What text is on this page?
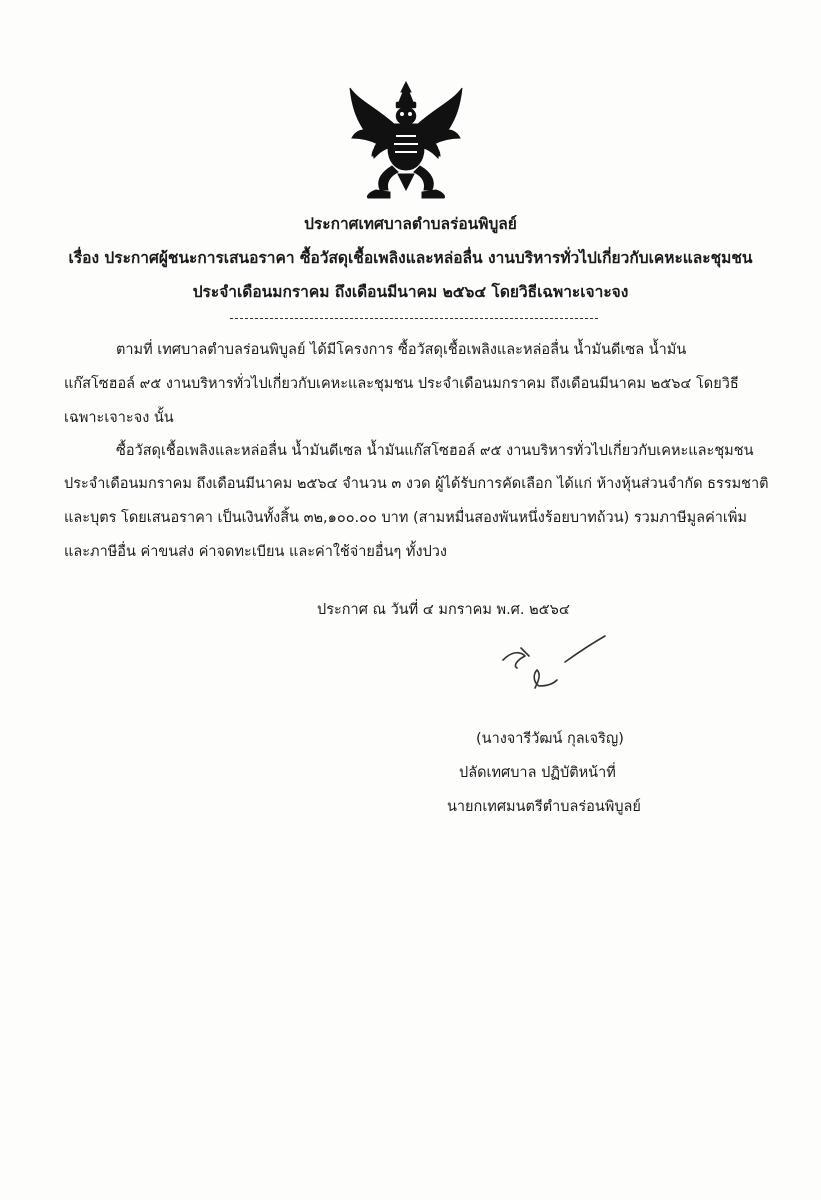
ประกาศเทศบาลตำบลร่อนพิบูลย์
เรื่อง ประกาศผู้ชนะการเสนอราคา ซื้อวัสดุเชื้อเพลิงและหล่อลื่น งานบริหารทั่วไปเกี่ยวกับเคหะและชุมชน
ประจำเดือนมกราคม ถึงเดือนมีนาคม ๒๕๖๔ โดยวิธีเฉพาะเจาะจง
ตามที่ เทศบาลตำบลร่อนพิบูลย์ ได้มีโครงการ ซื้อวัสดุเชื้อเพลิงและหล่อลื่น น้ำมันดีเซล น้ำมัน
แก๊สโซฮอล์ ๙๕ งานบริหารทั่วไปเกี่ยวกับเคหะและชุมชน ประจำเดือนมกราคม ถึงเดือนมีนาคม ๒๕๖๔ โดยวิธี
เฉพาะเจาะจง นั้น
ซื้อวัสดุเชื้อเพลิงและหล่อลื่น น้ำมันดีเซล น้ำมันแก๊สโซฮอล์ ๙๕ งานบริหารทั่วไปเกี่ยวกับเคหะและชุมชน
ประจำเดือนมกราคม ถึงเดือนมีนาคม ๒๕๖๔ จำนวน ๓ งวด ผู้ได้รับการคัดเลือก ได้แก่ ห้างหุ้นส่วนจำกัด ธรรมชาติ
และบุตร โดยเสนอราคา เป็นเงินทั้งสิ้น ๓๒,๑๐๐.๐๐ บาท (สามหมื่นสองพันหนึ่งร้อยบาทถ้วน) รวมภาษีมูลค่าเพิ่ม
และภาษีอื่น ค่าขนส่ง ค่าจดทะเบียน และค่าใช้จ่ายอื่นๆ ทั้งปวง
ประกาศ ณ วันที่ ๔ มกราคม พ.ศ. ๒๕๖๔
(นางจารีวัฒน์ กุลเจริญ)
ปลัดเทศบาล ปฏิบัติหน้าที่
นายกเทศมนตรีตำบลร่อนพิบูลย์
